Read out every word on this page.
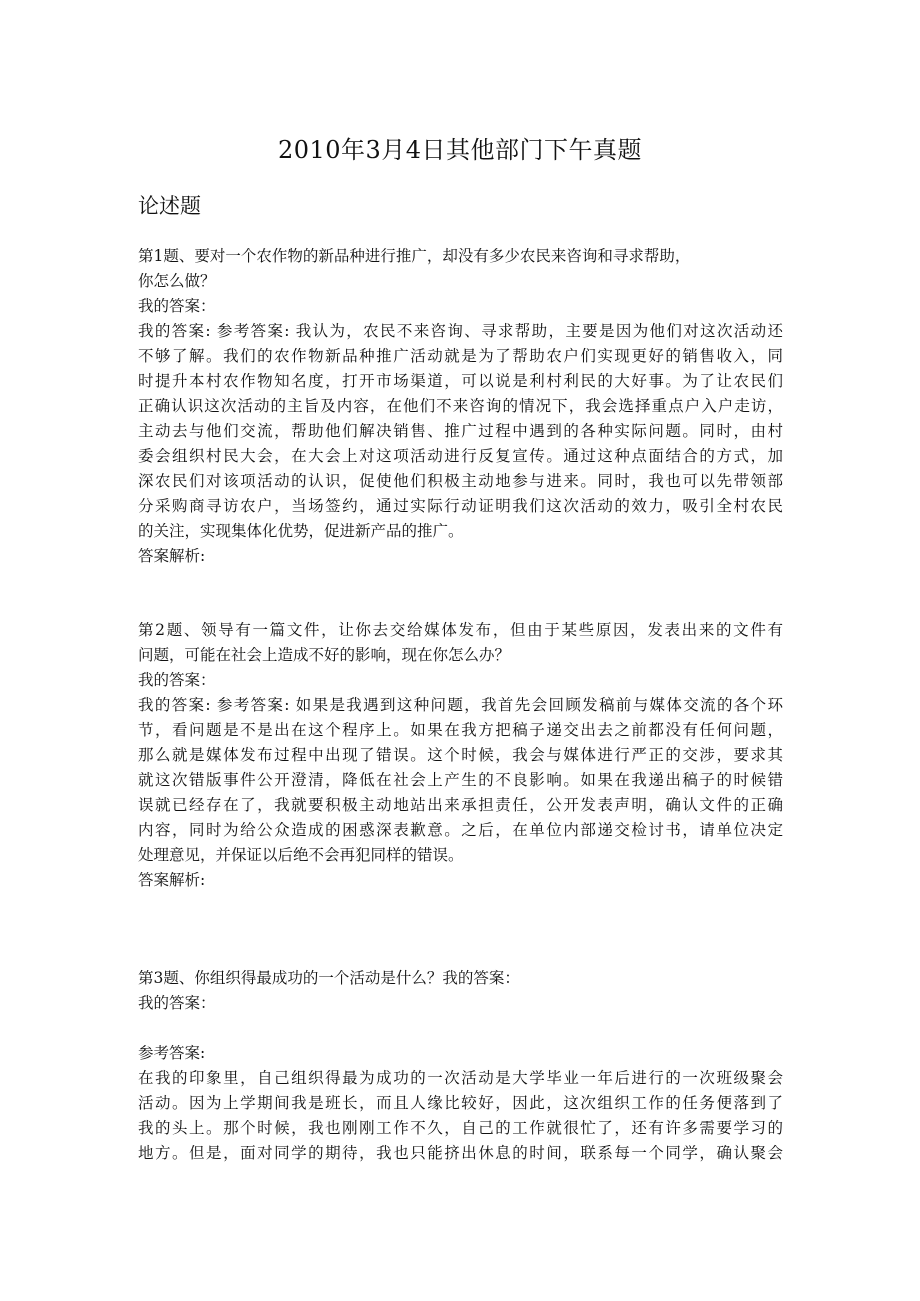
2010年3月4日其他部门下午真题
论述题
第1题、要对一个农作物的新品种进行推广，却没有多少农民来咨询和寻求帮助，
你怎么做？
我的答案：
我的答案: 参考答案: 我认为，农民不来咨询、寻求帮助，主要是因为他们对这次活动还
不够了解。我们的农作物新品种推广活动就是为了帮助农户们实现更好的销售收入，同
时提升本村农作物知名度，打开市场渠道，可以说是利村利民的大好事。为了让农民们
正确认识这次活动的主旨及内容，在他们不来咨询的情况下，我会选择重点户入户走访，
主动去与他们交流，帮助他们解决销售、推广过程中遇到的各种实际问题。同时，由村
委会组织村民大会，在大会上对这项活动进行反复宣传。通过这种点面结合的方式，加
深农民们对该项活动的认识，促使他们积极主动地参与进来。同时，我也可以先带领部
分采购商寻访农户，当场签约，通过实际行动证明我们这次活动的效力，吸引全村农民
的关注，实现集体化优势，促进新产品的推广。
答案解析:
第2题、领导有一篇文件，让你去交给媒体发布，但由于某些原因，发表出来的文件有
问题，可能在社会上造成不好的影响，现在你怎么办？
我的答案：
我的答案: 参考答案: 如果是我遇到这种问题，我首先会回顾发稿前与媒体交流的各个环
节，看问题是不是出在这个程序上。如果在我方把稿子递交出去之前都没有任何问题，
那么就是媒体发布过程中出现了错误。这个时候，我会与媒体进行严正的交涉，要求其
就这次错版事件公开澄清，降低在社会上产生的不良影响。如果在我递出稿子的时候错
误就已经存在了，我就要积极主动地站出来承担责任，公开发表声明，确认文件的正确
内容，同时为给公众造成的困惑深表歉意。之后，在单位内部递交检讨书，请单位决定
处理意见，并保证以后绝不会再犯同样的错误。
答案解析:
第3题、你组织得最成功的一个活动是什么？我的答案：
我的答案：
参考答案:
在我的印象里，自己组织得最为成功的一次活动是大学毕业一年后进行的一次班级聚会
活动。因为上学期间我是班长，而且人缘比较好，因此，这次组织工作的任务便落到了
我的头上。那个时候，我也刚刚工作不久，自己的工作就很忙了，还有许多需要学习的
地方。但是，面对同学的期待，我也只能挤出休息的时间，联系每一个同学，确认聚会
